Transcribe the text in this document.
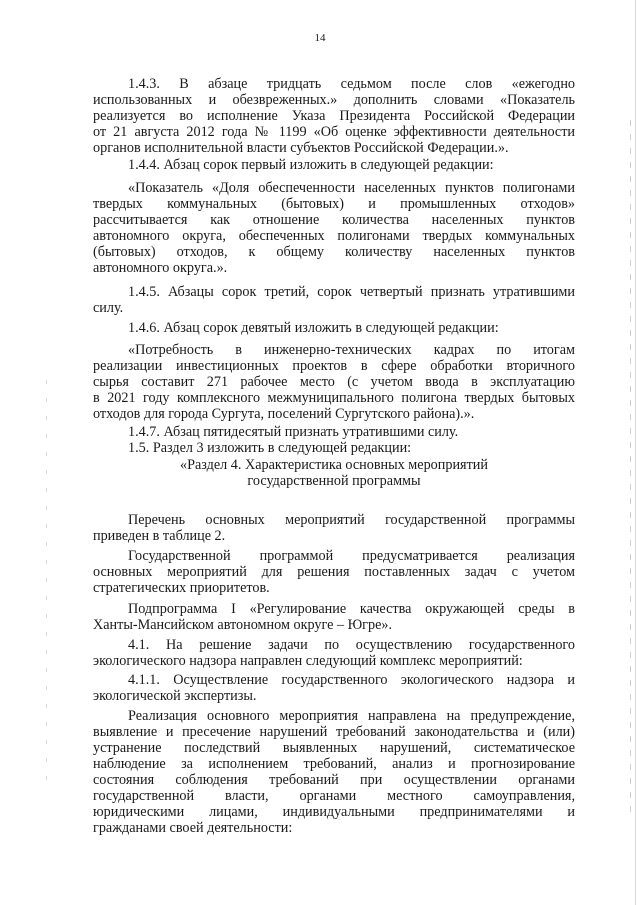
14
1.4.3. В абзаце тридцать седьмом после слов «ежегодно
использованных и обезвреженных.» дополнить словами «Показатель
реализуется во исполнение Указа Президента Российской Федерации
от 21 августа 2012 года № 1199 «Об оценке эффективности деятельности
органов исполнительной власти субъектов Российской Федерации.».
1.4.4. Абзац сорок первый изложить в следующей редакции:
«Показатель «Доля обеспеченности населенных пунктов полигонами
твердых коммунальных (бытовых) и промышленных отходов»
рассчитывается как отношение количества населенных пунктов
автономного округа, обеспеченных полигонами твердых коммунальных
(бытовых) отходов, к общему количеству населенных пунктов
автономного округа.».
1.4.5. Абзацы сорок третий, сорок четвертый признать утратившими
силу.
1.4.6. Абзац сорок девятый изложить в следующей редакции:
«Потребность в инженерно-технических кадрах по итогам
реализации инвестиционных проектов в сфере обработки вторичного
сырья составит 271 рабочее место (с учетом ввода в эксплуатацию
в 2021 году комплексного межмуниципального полигона твердых бытовых
отходов для города Сургута, поселений Сургутского района).».
1.4.7. Абзац пятидесятый признать утратившими силу.
1.5. Раздел 3 изложить в следующей редакции:
«Раздел 4. Характеристика основных мероприятий
государственной программы
Перечень основных мероприятий государственной программы
приведен в таблице 2.
Государственной программой предусматривается реализация
основных мероприятий для решения поставленных задач с учетом
стратегических приоритетов.
Подпрограмма I «Регулирование качества окружающей среды в
Ханты-Мансийском автономном округе – Югре».
4.1. На решение задачи по осуществлению государственного
экологического надзора направлен следующий комплекс мероприятий:
4.1.1. Осуществление государственного экологического надзора и
экологической экспертизы.
Реализация основного мероприятия направлена на предупреждение,
выявление и пресечение нарушений требований законодательства и (или)
устранение последствий выявленных нарушений, систематическое
наблюдение за исполнением требований, анализ и прогнозирование
состояния соблюдения требований при осуществлении органами
государственной власти, органами местного самоуправления,
юридическими лицами, индивидуальными предпринимателями и
гражданами своей деятельности:
